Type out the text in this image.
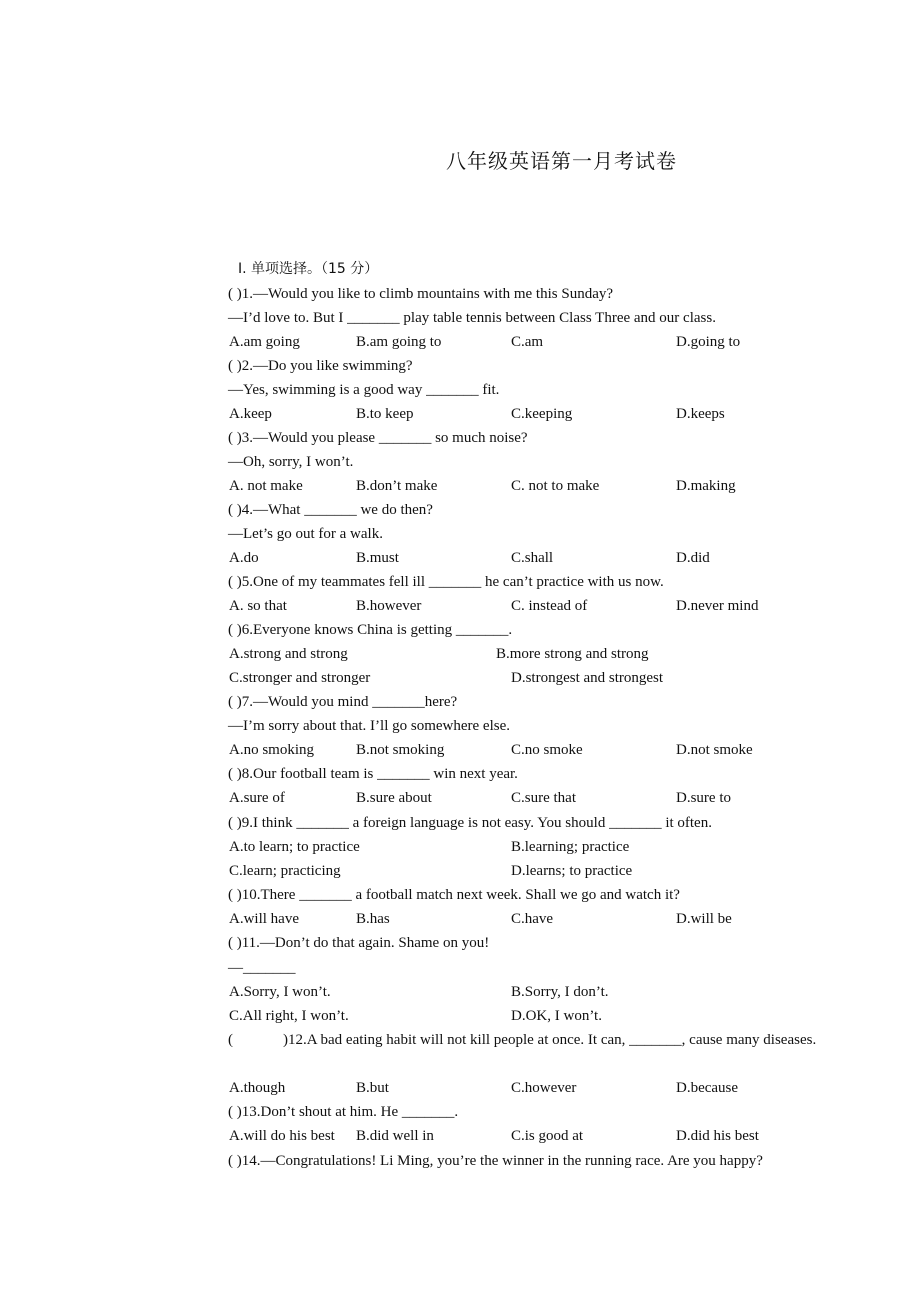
八年级英语第一月考试卷
Ⅰ. 单项选择。（15 分）
( )1.—Would you like to climb mountains with me this Sunday?
—I’d love to. But I _______ play table tennis between Class Three and our class.
A.am going	B.am going to	C.am	D.going to
( )2.—Do you like swimming?
—Yes, swimming is a good way _______ fit.
A.keep	B.to keep	C.keeping	D.keeps
( )3.—Would you please _______ so much noise?
—Oh, sorry, I won’t.
A. not make	B.don’t make	C. not to make	D.making
( )4.—What _______ we do then?
—Let’s go out for a walk.
A.do	B.must	C.shall	D.did
( )5.One of my teammates fell ill _______ he can’t practice with us now.
A. so that	B.however	C. instead of	D.never mind
( )6.Everyone knows China is getting _______.
A.strong and strong	B.more strong and strong
C.stronger and stronger	D.strongest and strongest
( )7.—Would you mind _______here?
—I’m sorry about that. I’ll go somewhere else.
A.no smoking	B.not smoking	C.no smoke	D.not smoke
( )8.Our football team is _______ win next year.
A.sure of	B.sure about	C.sure that	D.sure to
( )9.I think _______ a foreign language is not easy. You should _______ it often.
A.to learn; to practice	B.learning; practice
C.learn; practicing	D.learns; to practice
( )10.There _______ a football match next week. Shall we go and watch it?
A.will have	B.has	C.have	D.will be
( )11.—Don’t do that again. Shame on you!
—_______
A.Sorry, I won’t.	B.Sorry, I don’t.
C.All right, I won’t.	D.OK, I won’t.
(	)12.A bad eating habit will not kill people at once. It can, _______, cause many diseases.
A.though	B.but	C.however	D.because
( )13.Don’t shout at him. He _______.
A.will do his best B.did well in	C.is good at	D.did his best
( )14.—Congratulations! Li Ming, you’re the winner in the running race. Are you happy?
